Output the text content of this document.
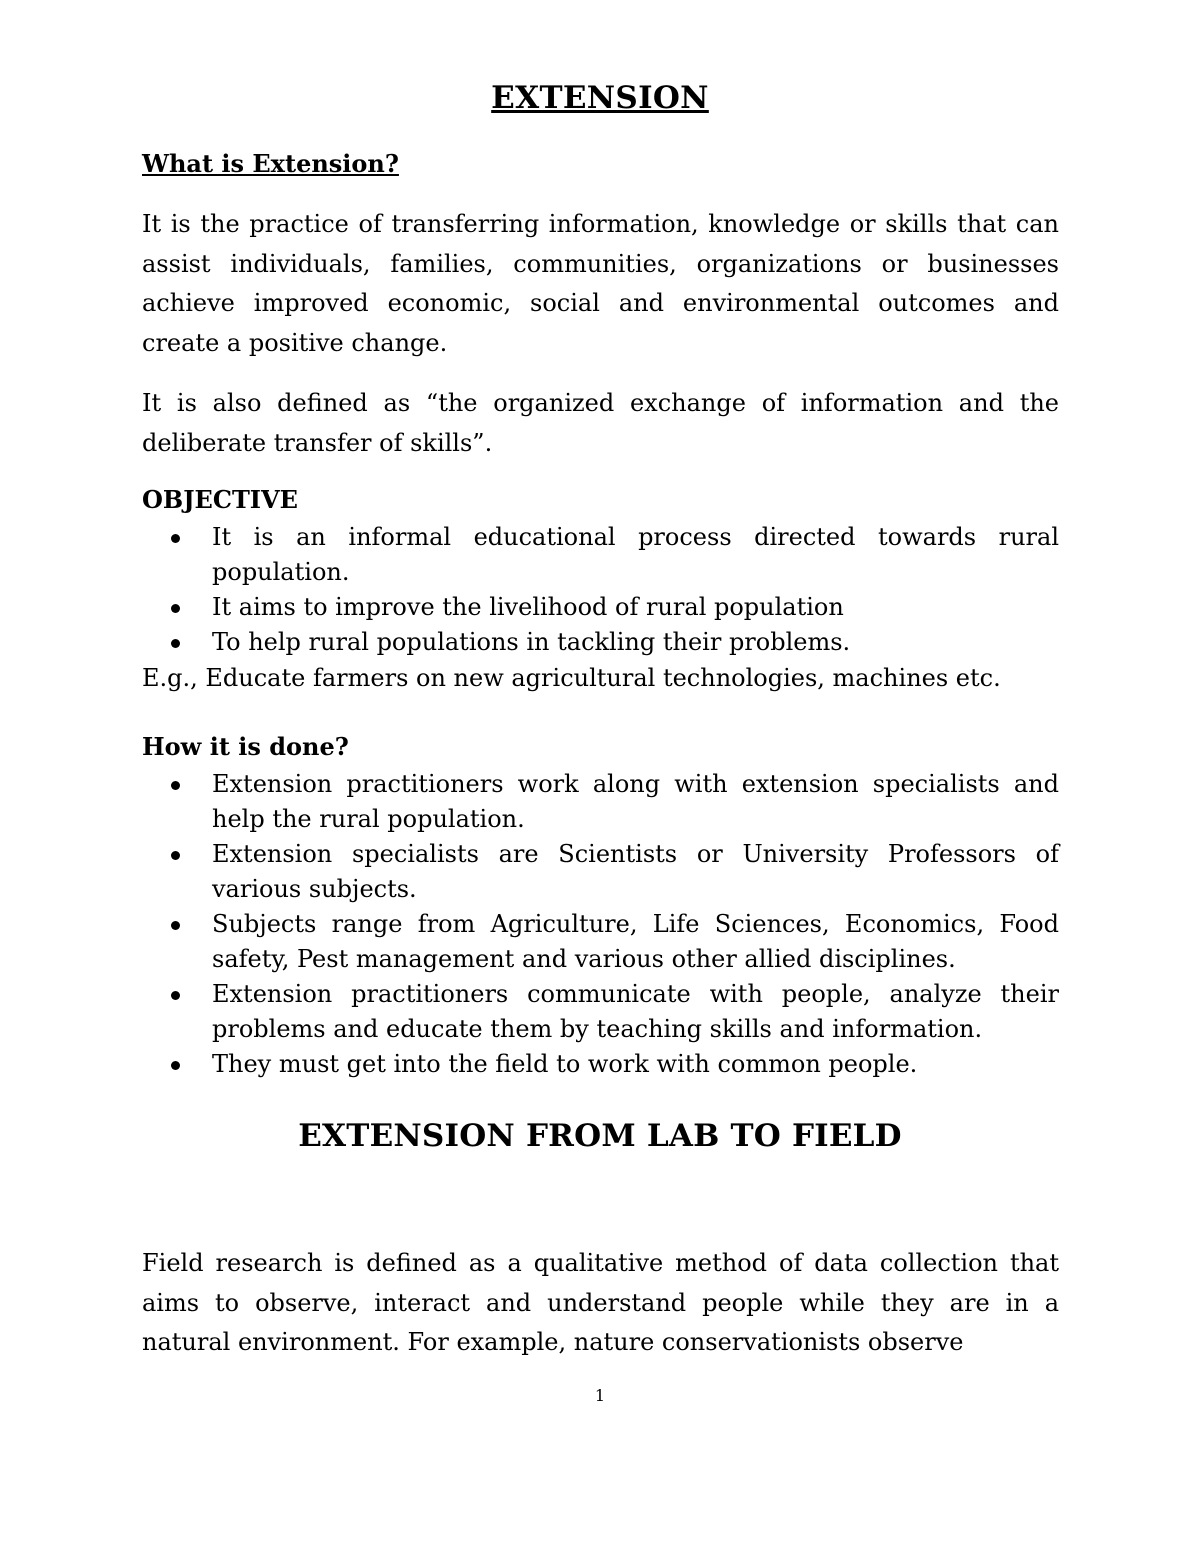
EXTENSION
What is Extension?

It is the practice of transferring information, knowledge or skills that can assist individuals, families, communities, organizations or businesses achieve improved economic, social and environmental outcomes and create a positive change.

It is also defined as “the organized exchange of information and the deliberate transfer of skills”.

OBJECTIVE
It is an informal educational process directed towards rural population.
It aims to improve the livelihood of rural population
To help rural populations in tackling their problems.
E.g., Educate farmers on new agricultural technologies, machines etc.
How it is done?
Extension practitioners work along with extension specialists and help the rural population.
Extension specialists are Scientists or University Professors of various subjects.
Subjects range from Agriculture, Life Sciences, Economics, Food safety, Pest management and various other allied disciplines.
Extension practitioners communicate with people, analyze their problems and educate them by teaching skills and information.
They must get into the field to work with common people.
EXTENSION FROM LAB TO FIELD

Field research is defined as a qualitative method of data collection that aims to observe, interact and understand people while they are in a natural environment. For example, nature conservationists observe

1
